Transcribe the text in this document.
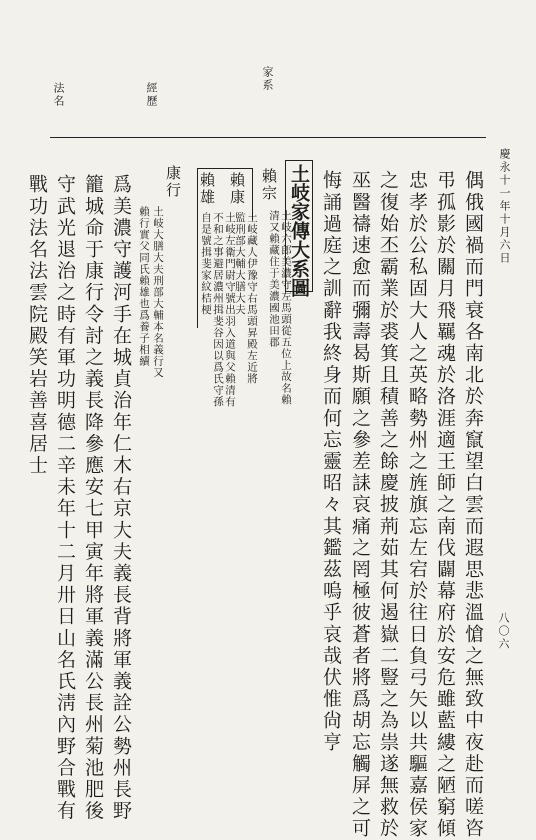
法名	經歷
家系
慶永十一年十月六日
八〇六
偶俄國禍而門衰各南北於奔竄望白雲而遐思悲溫愴之無致中夜赴而嗟咨
弔孤影於關月飛羈魂於洛涯適王師之南伐闢幕府於安危雖藍縷之陋窮傾
忠孝於公私固大人之英略勢州之旌旗忘左宕於往日負弓矢以共驅嘉侯家
之復始丕霸業於裘箕且積善之餘慶披荊茹其何遏嶽二豎之為祟遂無救於
巫醫禱速愈而彌壽曷斯願之參差誄哀痛之罔極彼蒼者將爲胡忘觸屏之可
悔誦過庭之訓辭我終身而何忘靈昭々其鑑茲嗚乎哀哉伏惟尙亨
土岐家傳大系圖
賴宗
土岐六郎美濃守左馬頭從五位上故名賴清又賴藏住于美濃國池田郡
賴康
土岐藏人伊豫守右馬頭昇殿左近將監刑部大輔大膳大夫
賴雄
土岐左衛門尉守號出羽入道與父賴清有不和之事避居濃州揖斐谷因以爲氏守孫自是號揖斐家紋桔梗
康行
土岐大膳大夫刑部大輔本名義行又
賴行實父同氏賴雄也爲養子相續
爲美濃守護河手在城貞治年仁木右京大夫義長背將軍義詮公勢州長野
籠城命于康行令討之義長降參應安七甲寅年將軍義滿公長州菊池肥後
守武光退治之時有軍功明德二辛未年十二月卅日山名氏淸內野合戰有
戰功法名法雲院殿笑岩善喜居士
